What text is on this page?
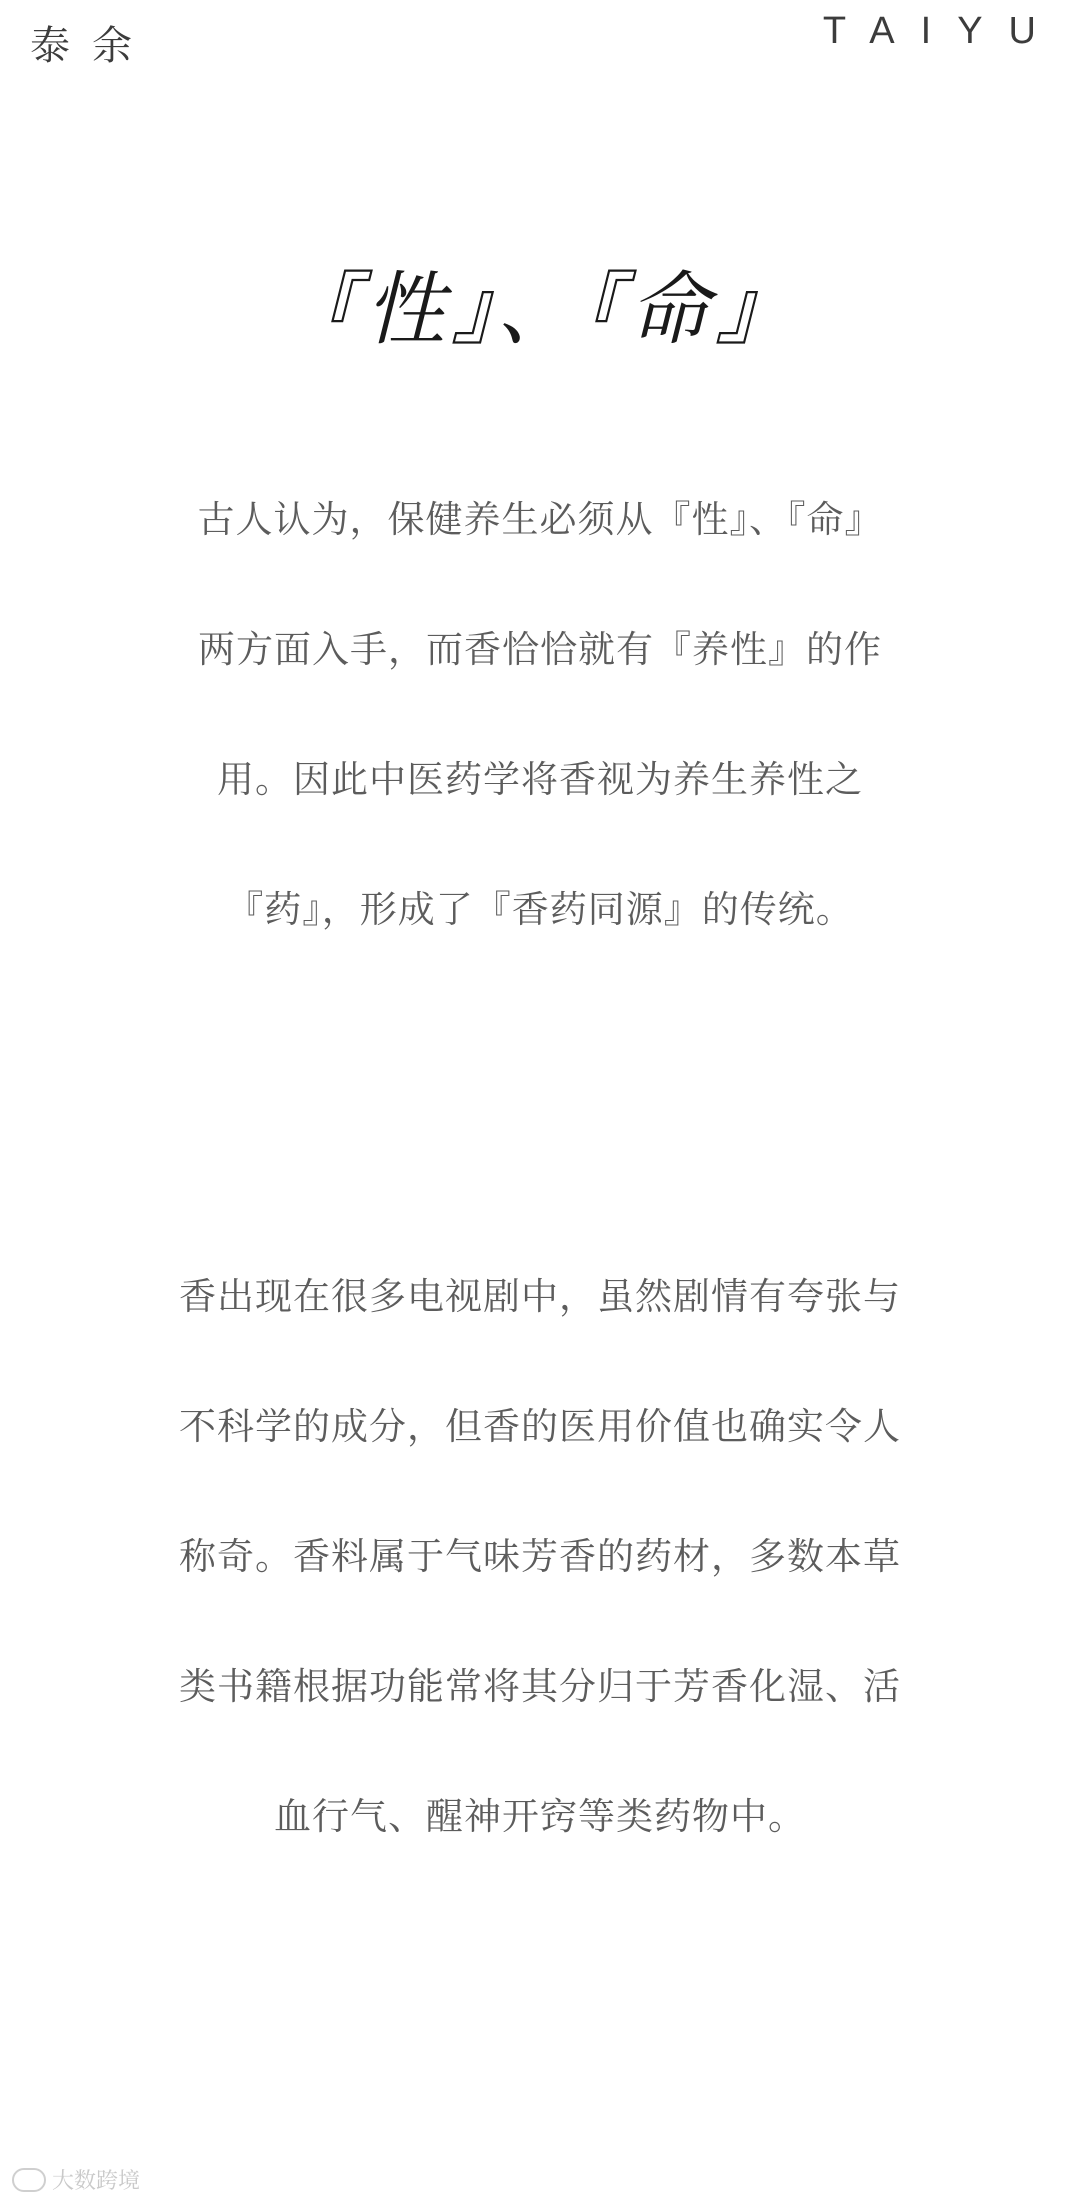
泰余	TAIYU
『性』、『命』
古人认为，保健养生必须从『性』、『命』
两方面入手，而香恰恰就有『养性』的作
用。因此中医药学将香视为养生养性之
『药』，形成了『香药同源』的传统。
香出现在很多电视剧中，虽然剧情有夸张与
不科学的成分，但香的医用价值也确实令人
称奇。香料属于气味芳香的药材，多数本草
类书籍根据功能常将其分归于芳香化湿、活
血行气、醒神开窍等类药物中。
大数跨境
